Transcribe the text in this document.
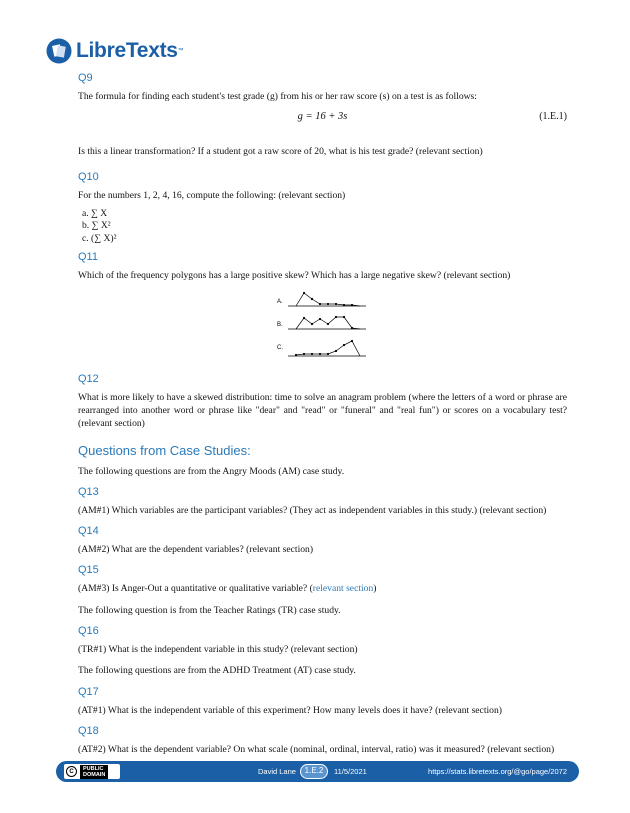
LibreTexts ™
Q9

The formula for finding each student's test grade (g) from his or her raw score (s) on a test is as follows:

g = 16 + 3s	(1.E.1)

Is this a linear transformation? If a student got a raw score of 20, what is his test grade? (relevant section)

Q10

For the numbers 1, 2, 4, 16, compute the following: (relevant section)

a. ∑ X
b. ∑ X²
c. (∑ X)²
Q11

Which of the frequency polygons has a large positive skew? Which has a large negative skew? (relevant section)

A.
B.
C.
Q12

What is more likely to have a skewed distribution: time to solve an anagram problem (where the letters of a word or phrase are rearranged into another word or phrase like "dear" and "read" or "funeral" and "real fun") or scores on a vocabulary test? (relevant section)

Questions from Case Studies:

The following questions are from the Angry Moods (AM) case study.

Q13

(AM#1) Which variables are the participant variables? (They act as independent variables in this study.) (relevant section)

Q14

(AM#2) What are the dependent variables? (relevant section)

Q15

(AM#3) Is Anger-Out a quantitative or qualitative variable? (relevant section)

The following question is from the Teacher Ratings (TR) case study.

Q16

(TR#1) What is the independent variable in this study? (relevant section)

The following questions are from the ADHD Treatment (AT) case study.

Q17

(AT#1) What is the independent variable of this experiment? How many levels does it have? (relevant section)

Q18

(AT#2) What is the dependent variable? On what scale (nominal, ordinal, interval, ratio) was it measured? (relevant section)

C	PUBLIC
DOMAIN	David Lane	1.E.2	11/5/2021	https://stats.libretexts.org/@go/page/2072
